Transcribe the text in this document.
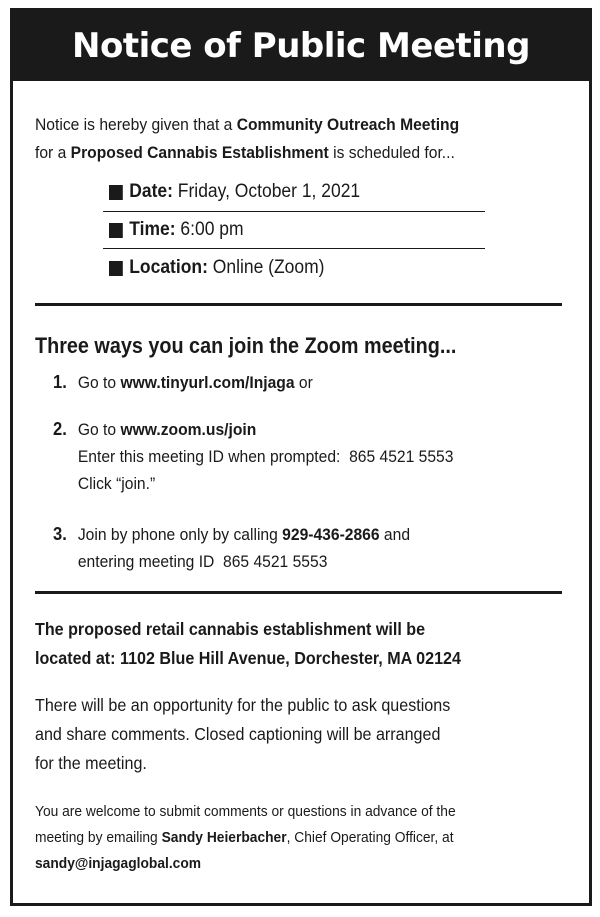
Notice of Public Meeting
Notice is hereby given that a Community Outreach Meeting
for a Proposed Cannabis Establishment is scheduled for...
Date: Friday, October 1, 2021
Time: 6:00 pm
Location: Online (Zoom)
Three ways you can join the Zoom meeting...
1. Go to www.tinyurl.com/Injaga or
2. Go to www.zoom.us/join
Enter this meeting ID when prompted:  865 4521 5553
Click “join.”
3. Join by phone only by calling 929-436-2866 and
entering meeting ID  865 4521 5553
The proposed retail cannabis establishment will be
located at: 1102 Blue Hill Avenue, Dorchester, MA 02124
There will be an opportunity for the public to ask questions
and share comments. Closed captioning will be arranged
for the meeting.
You are welcome to submit comments or questions in advance of the
meeting by emailing Sandy Heierbacher, Chief Operating Officer, at
sandy@injagaglobal.com
